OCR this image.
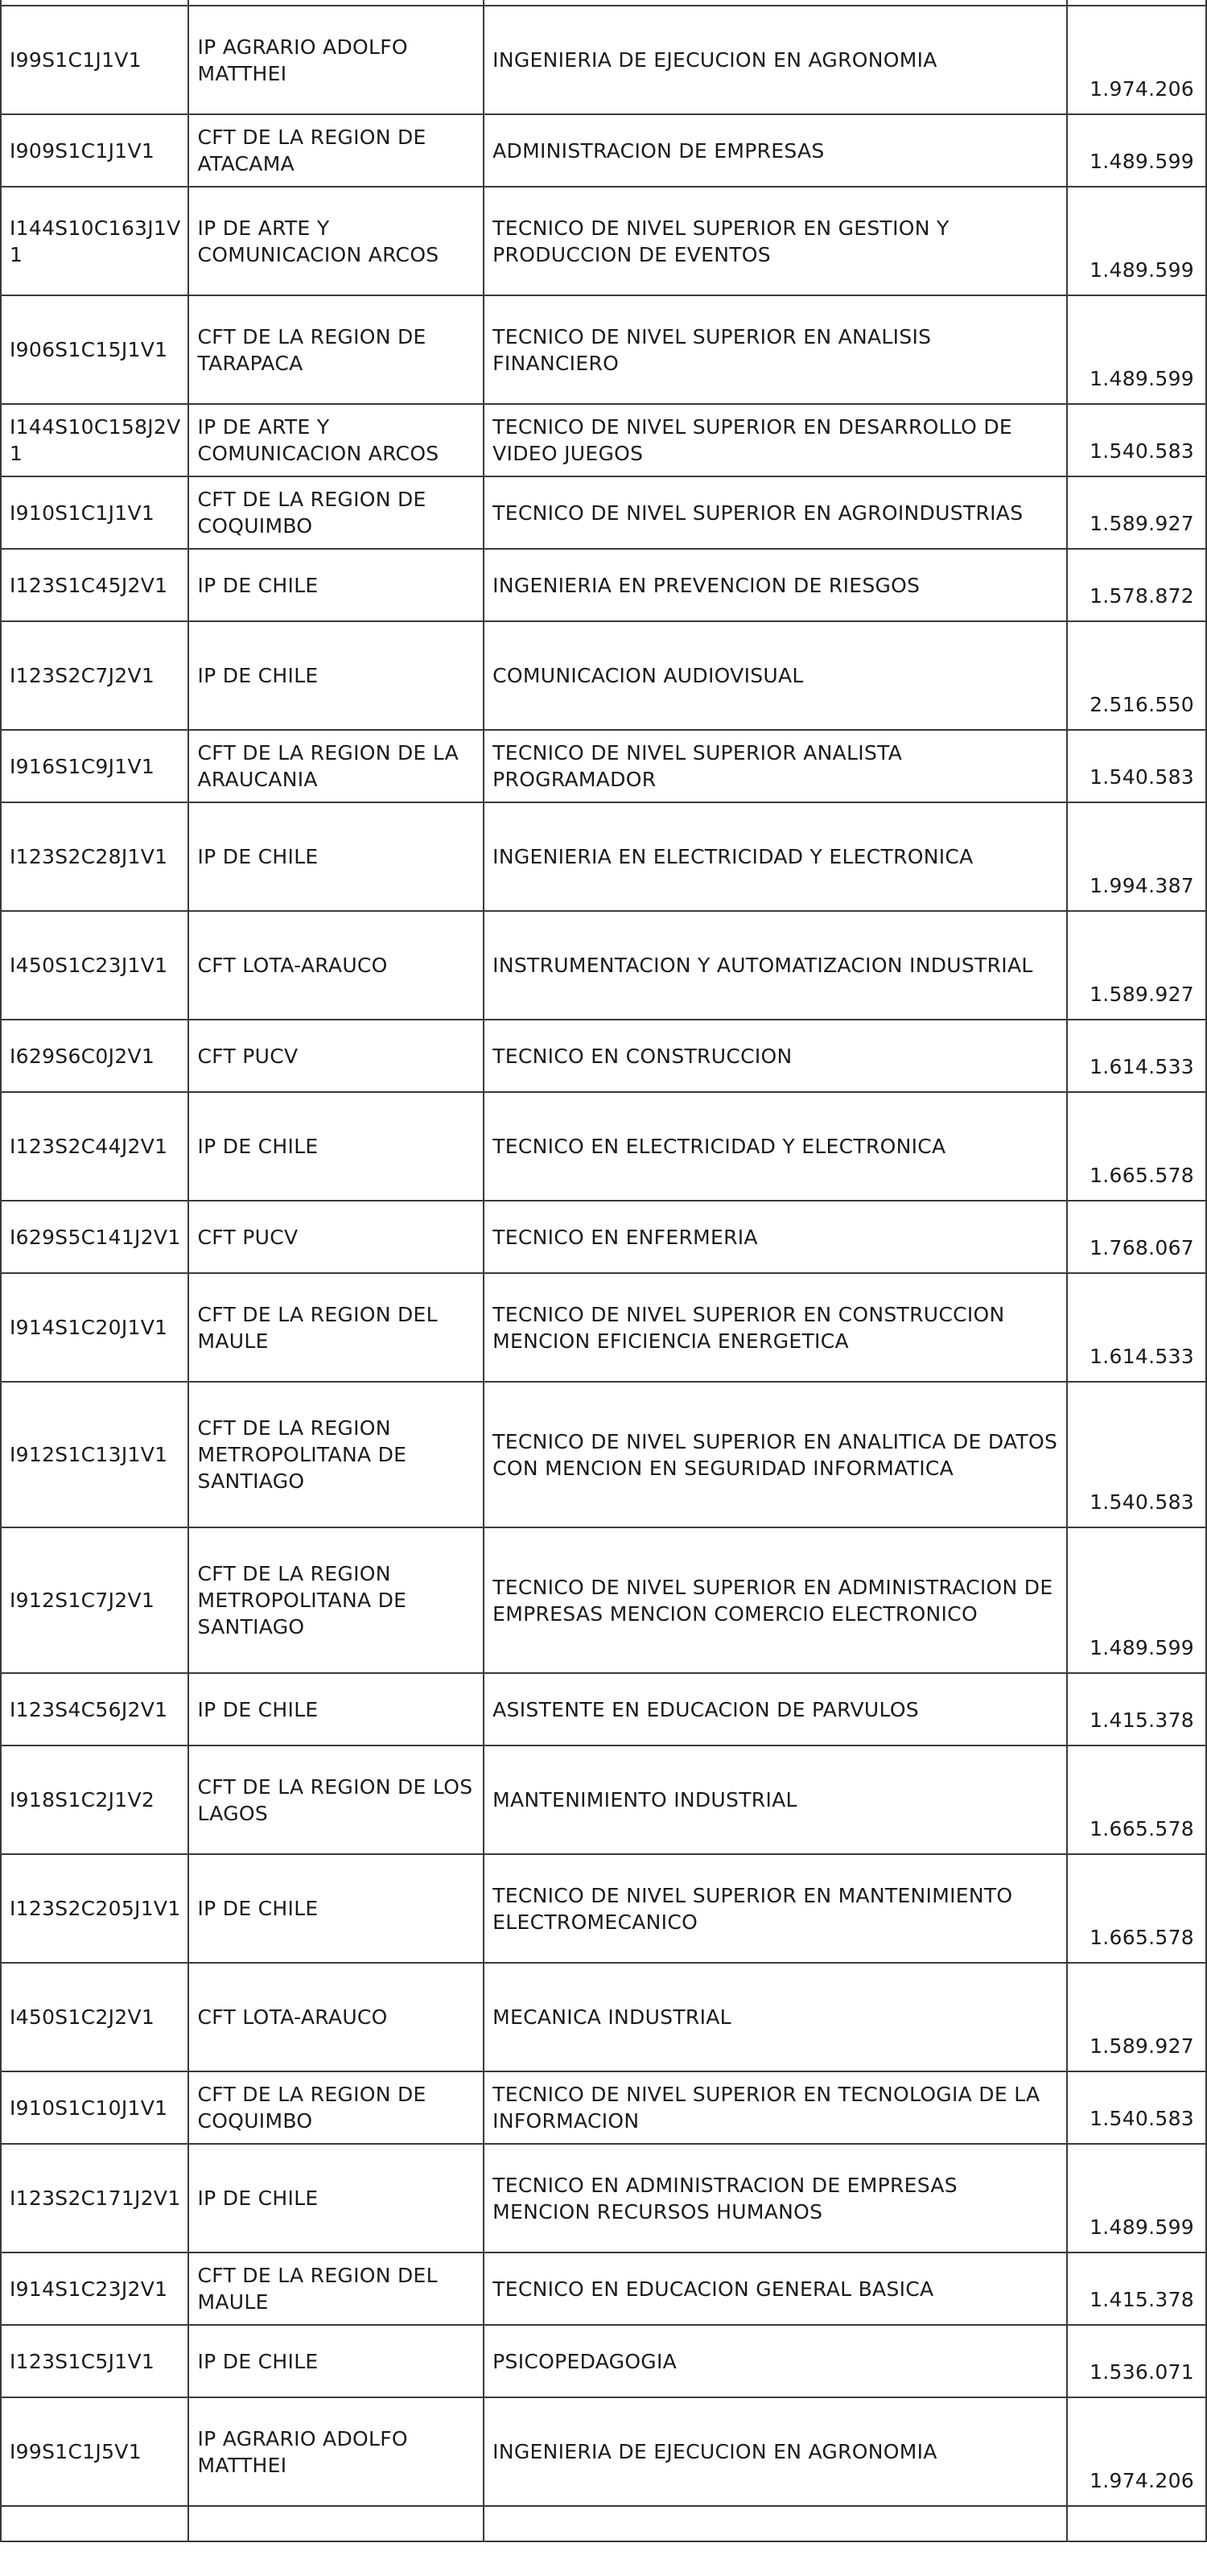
I99S1C1J1V1	IP AGRARIO ADOLFO MATTHEI	INGENIERIA DE EJECUCION EN AGRONOMIA	1.974.206
I909S1C1J1V1	CFT DE LA REGION DE ATACAMA	ADMINISTRACION DE EMPRESAS	1.489.599
I144S10C163J1V1	IP DE ARTE Y COMUNICACION ARCOS	TECNICO DE NIVEL SUPERIOR EN GESTION Y PRODUCCION DE EVENTOS	1.489.599
I906S1C15J1V1	CFT DE LA REGION DE TARAPACA	TECNICO DE NIVEL SUPERIOR EN ANALISIS FINANCIERO	1.489.599
I144S10C158J2V1	IP DE ARTE Y COMUNICACION ARCOS	TECNICO DE NIVEL SUPERIOR EN DESARROLLO DE VIDEO JUEGOS	1.540.583
I910S1C1J1V1	CFT DE LA REGION DE COQUIMBO	TECNICO DE NIVEL SUPERIOR EN AGROINDUSTRIAS	1.589.927
I123S1C45J2V1	IP DE CHILE	INGENIERIA EN PREVENCION DE RIESGOS	1.578.872
I123S2C7J2V1	IP DE CHILE	COMUNICACION AUDIOVISUAL	2.516.550
I916S1C9J1V1	CFT DE LA REGION DE LA ARAUCANIA	TECNICO DE NIVEL SUPERIOR ANALISTA PROGRAMADOR	1.540.583
I123S2C28J1V1	IP DE CHILE	INGENIERIA EN ELECTRICIDAD Y ELECTRONICA	1.994.387
I450S1C23J1V1	CFT LOTA-ARAUCO	INSTRUMENTACION Y AUTOMATIZACION INDUSTRIAL	1.589.927
I629S6C0J2V1	CFT PUCV	TECNICO EN CONSTRUCCION	1.614.533
I123S2C44J2V1	IP DE CHILE	TECNICO EN ELECTRICIDAD Y ELECTRONICA	1.665.578
I629S5C141J2V1	CFT PUCV	TECNICO EN ENFERMERIA	1.768.067
I914S1C20J1V1	CFT DE LA REGION DEL MAULE	TECNICO DE NIVEL SUPERIOR EN CONSTRUCCION MENCION EFICIENCIA ENERGETICA	1.614.533
I912S1C13J1V1	CFT DE LA REGION METROPOLITANA DE SANTIAGO	TECNICO DE NIVEL SUPERIOR EN ANALITICA DE DATOS CON MENCION EN SEGURIDAD INFORMATICA	1.540.583
I912S1C7J2V1	CFT DE LA REGION METROPOLITANA DE SANTIAGO	TECNICO DE NIVEL SUPERIOR EN ADMINISTRACION DE EMPRESAS MENCION COMERCIO ELECTRONICO	1.489.599
I123S4C56J2V1	IP DE CHILE	ASISTENTE EN EDUCACION DE PARVULOS	1.415.378
I918S1C2J1V2	CFT DE LA REGION DE LOS LAGOS	MANTENIMIENTO INDUSTRIAL	1.665.578
I123S2C205J1V1	IP DE CHILE	TECNICO DE NIVEL SUPERIOR EN MANTENIMIENTO ELECTROMECANICO	1.665.578
I450S1C2J2V1	CFT LOTA-ARAUCO	MECANICA INDUSTRIAL	1.589.927
I910S1C10J1V1	CFT DE LA REGION DE COQUIMBO	TECNICO DE NIVEL SUPERIOR EN TECNOLOGIA DE LA INFORMACION	1.540.583
I123S2C171J2V1	IP DE CHILE	TECNICO EN ADMINISTRACION DE EMPRESAS MENCION RECURSOS HUMANOS	1.489.599
I914S1C23J2V1	CFT DE LA REGION DEL MAULE	TECNICO EN EDUCACION GENERAL BASICA	1.415.378
I123S1C5J1V1	IP DE CHILE	PSICOPEDAGOGIA	1.536.071
I99S1C1J5V1	IP AGRARIO ADOLFO MATTHEI	INGENIERIA DE EJECUCION EN AGRONOMIA	1.974.206
